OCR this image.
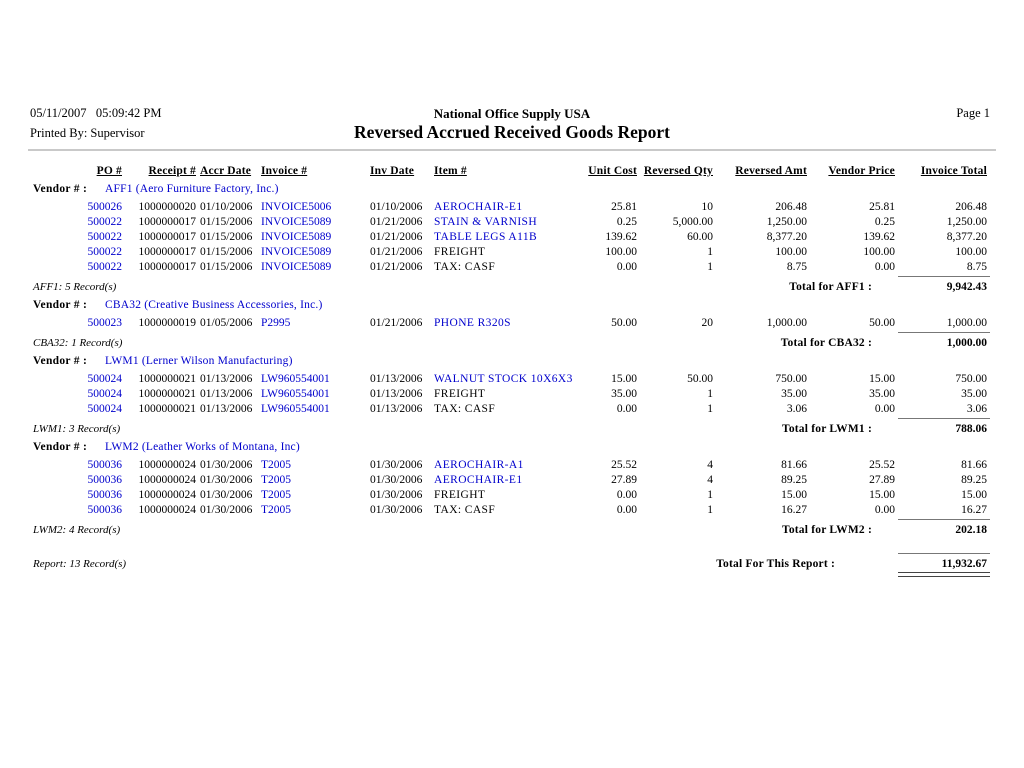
05/11/2007   05:09:42 PM	National Office Supply USA	Page 1
Printed By: Supervisor	Reversed Accrued Received Goods Report
PO #	Receipt # Accr Date Invoice #	Inv Date	Item #	Unit Cost Reversed Qty	Reversed Amt	Vendor Price	Invoice Total
Vendor # : AFF1 (Aero Furniture Factory, Inc.)
500026	1000000020 01/10/2006 INVOICE5006	01/10/2006	AEROCHAIR-E1	25.81	10	206.48	25.81	206.48
500022	1000000017 01/15/2006 INVOICE5089	01/21/2006	STAIN & VARNISH	0.25	5,000.00	1,250.00	0.25	1,250.00
500022	1000000017 01/15/2006 INVOICE5089	01/21/2006	TABLE LEGS A11B	139.62	60.00	8,377.20	139.62	8,377.20
500022	1000000017 01/15/2006 INVOICE5089	01/21/2006	FREIGHT	100.00	1	100.00	100.00	100.00
500022	1000000017 01/15/2006 INVOICE5089	01/21/2006	TAX: CASF	0.00	1	8.75	0.00	8.75
AFF1: 5 Record(s)	Total for AFF1 :	9,942.43
Vendor # : CBA32 (Creative Business Accessories, Inc.)
500023	1000000019 01/05/2006 P2995	01/21/2006	PHONE R320S	50.00	20	1,000.00	50.00	1,000.00
CBA32: 1 Record(s)	Total for CBA32 :	1,000.00
Vendor # : LWM1 (Lerner Wilson Manufacturing)
500024	1000000021 01/13/2006 LW960554001	01/13/2006	WALNUT STOCK 10X6X3	15.00	50.00	750.00	15.00	750.00
500024	1000000021 01/13/2006 LW960554001	01/13/2006	FREIGHT	35.00	1	35.00	35.00	35.00
500024	1000000021 01/13/2006 LW960554001	01/13/2006	TAX: CASF	0.00	1	3.06	0.00	3.06
LWM1: 3 Record(s)	Total for LWM1 :	788.06
Vendor # : LWM2 (Leather Works of Montana, Inc)
500036	1000000024 01/30/2006 T2005	01/30/2006	AEROCHAIR-A1	25.52	4	81.66	25.52	81.66
500036	1000000024 01/30/2006 T2005	01/30/2006	AEROCHAIR-E1	27.89	4	89.25	27.89	89.25
500036	1000000024 01/30/2006 T2005	01/30/2006	FREIGHT	0.00	1	15.00	15.00	15.00
500036	1000000024 01/30/2006 T2005	01/30/2006	TAX: CASF	0.00	1	16.27	0.00	16.27
LWM2: 4 Record(s)	Total for LWM2 :	202.18
Report: 13 Record(s)	Total For This Report :	11,932.67
